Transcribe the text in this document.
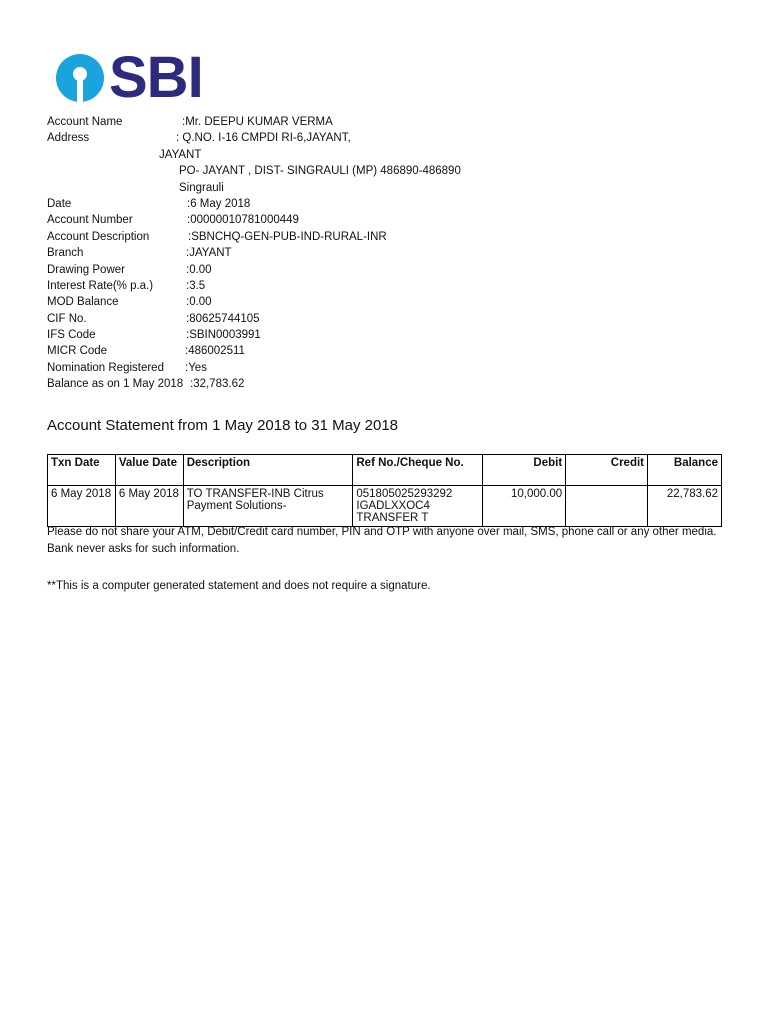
SBI
Account Name	:Mr. DEEPU KUMAR VERMA
Address	: Q.NO. I-16 CMPDI RI-6,JAYANT,
JAYANT
PO- JAYANT , DIST- SINGRAULI (MP) 486890-486890
Singrauli
Date	:6 May 2018
Account Number	:00000010781000449
Account Description	:SBNCHQ-GEN-PUB-IND-RURAL-INR
Branch	:JAYANT
Drawing Power	:0.00
Interest Rate(% p.a.)	:3.5
MOD Balance	:0.00
CIF No.	:80625744105
IFS Code	:SBIN0003991
MICR Code	:486002511
Nomination Registered :Yes
Balance as on 1 May 2018 :32,783.62
Account Statement from 1 May 2018 to 31 May 2018
Txn Date	Value Date	Description	Ref No./Cheque No.	Debit	Credit	Balance
6 May 2018	6 May 2018	TO TRANSFER-INB Citrus Payment Solutions-	051805025293292 IGADLXXOC4 TRANSFER T	10,000.00		22,783.62
Please do not share your ATM, Debit/Credit card number, PIN and OTP with anyone over mail, SMS, phone call or any other media. Bank never asks for such information.
**This is a computer generated statement and does not require a signature.
